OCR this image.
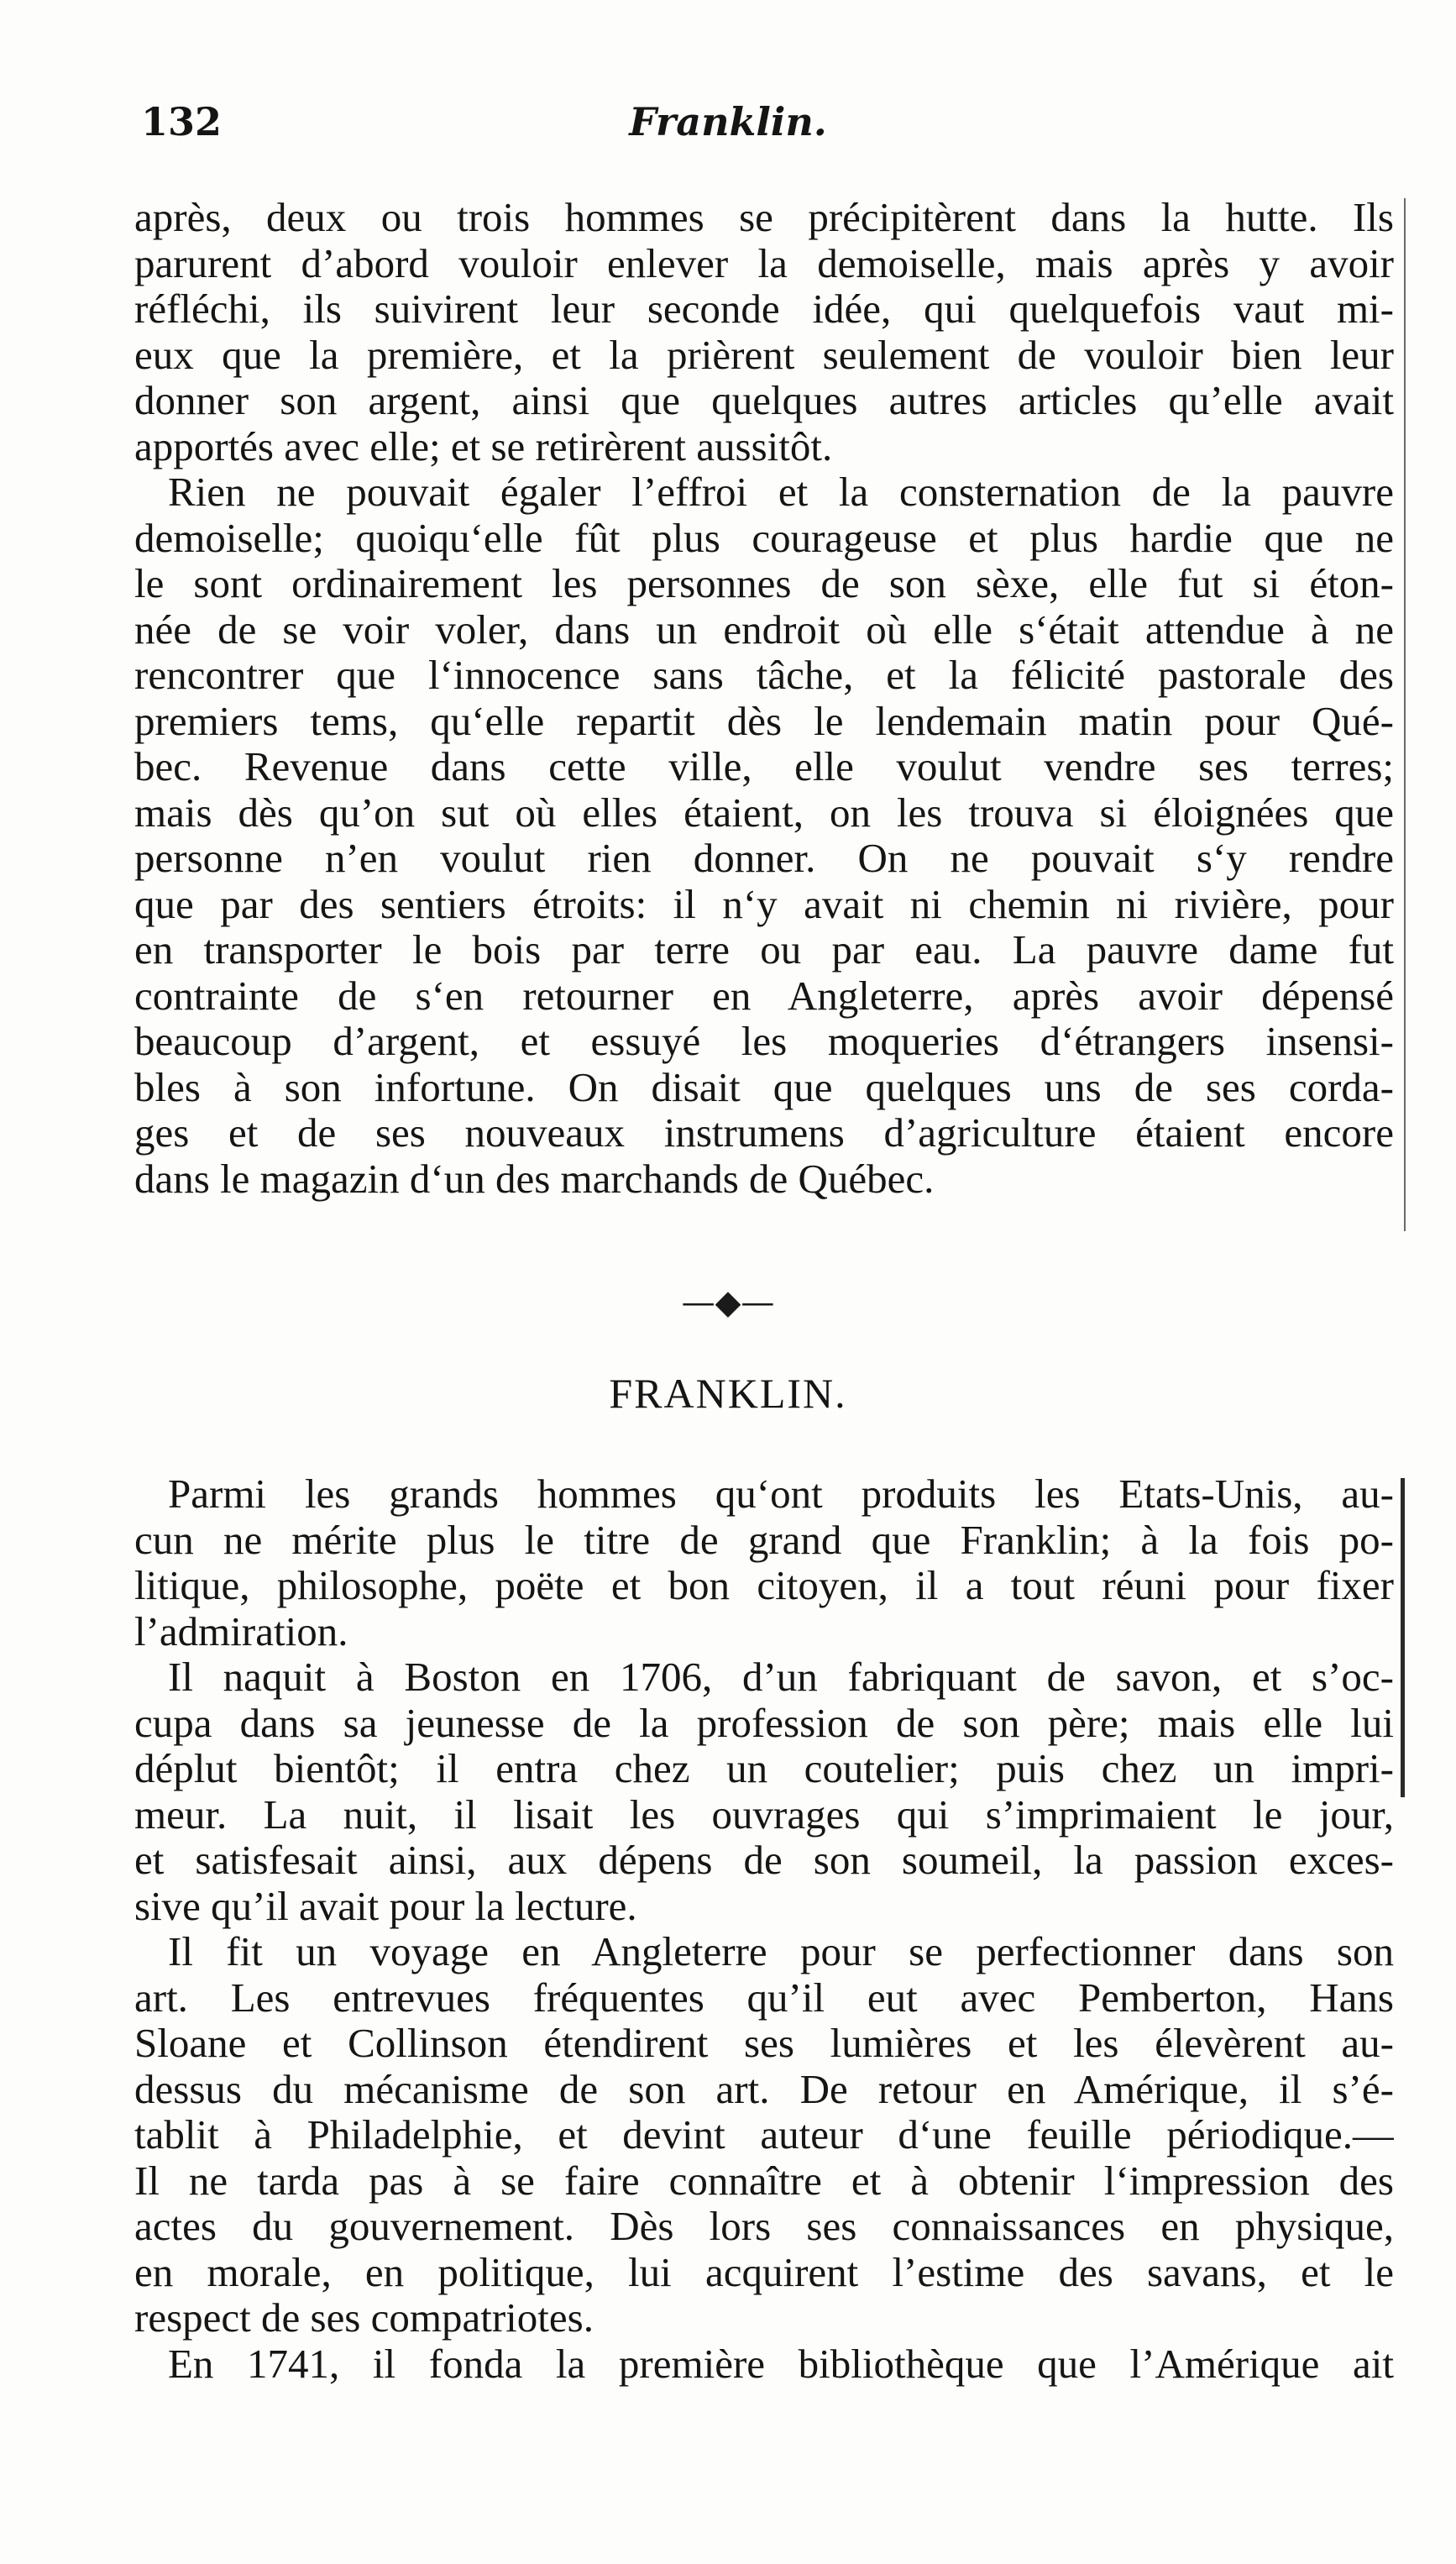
132	Franklin.
après, deux ou trois hommes se précipitèrent dans la hutte. Ils
parurent d’abord vouloir enlever la demoiselle, mais après y avoir
réfléchi, ils suivirent leur seconde idée, qui quelquefois vaut mi-
eux que la première, et la prièrent seulement de vouloir bien leur
donner son argent, ainsi que quelques autres articles qu’elle avait
apportés avec elle; et se retirèrent aussitôt.
Rien ne pouvait égaler l’effroi et la consternation de la pauvre
demoiselle; quoiqu‘elle fût plus courageuse et plus hardie que ne
le sont ordinairement les personnes de son sèxe, elle fut si éton-
née de se voir voler, dans un endroit où elle s‘était attendue à ne
rencontrer que l‘innocence sans tâche, et la félicité pastorale des
premiers tems, qu‘elle repartit dès le lendemain matin pour Qué-
bec. Revenue dans cette ville, elle voulut vendre ses terres;
mais dès qu’on sut où elles étaient, on les trouva si éloignées que
personne n’en voulut rien donner. On ne pouvait s‘y rendre
que par des sentiers étroits: il n‘y avait ni chemin ni rivière, pour
en transporter le bois par terre ou par eau. La pauvre dame fut
contrainte de s‘en retourner en Angleterre, après avoir dépensé
beaucoup d’argent, et essuyé les moqueries d‘étrangers insensi-
bles à son infortune. On disait que quelques uns de ses corda-
ges et de ses nouveaux instrumens d’agriculture étaient encore
dans le magazin d‘un des marchands de Québec.
—◆—
FRANKLIN.
Parmi les grands hommes qu‘ont produits les Etats-Unis, au-
cun ne mérite plus le titre de grand que Franklin; à la fois po-
litique, philosophe, poëte et bon citoyen, il a tout réuni pour fixer
l’admiration.
Il naquit à Boston en 1706, d’un fabriquant de savon, et s’oc-
cupa dans sa jeunesse de la profession de son père; mais elle lui
déplut bientôt; il entra chez un coutelier; puis chez un impri-
meur. La nuit, il lisait les ouvrages qui s’imprimaient le jour,
et satisfesait ainsi, aux dépens de son soumeil, la passion exces-
sive qu’il avait pour la lecture.
Il fit un voyage en Angleterre pour se perfectionner dans son
art. Les entrevues fréquentes qu’il eut avec Pemberton, Hans
Sloane et Collinson étendirent ses lumières et les élevèrent au-
dessus du mécanisme de son art. De retour en Amérique, il s’é-
tablit à Philadelphie, et devint auteur d‘une feuille périodique.—
Il ne tarda pas à se faire connaître et à obtenir l‘impression des
actes du gouvernement. Dès lors ses connaissances en physique,
en morale, en politique, lui acquirent l’estime des savans, et le
respect de ses compatriotes.
En 1741, il fonda la première bibliothèque que l’Amérique ait
